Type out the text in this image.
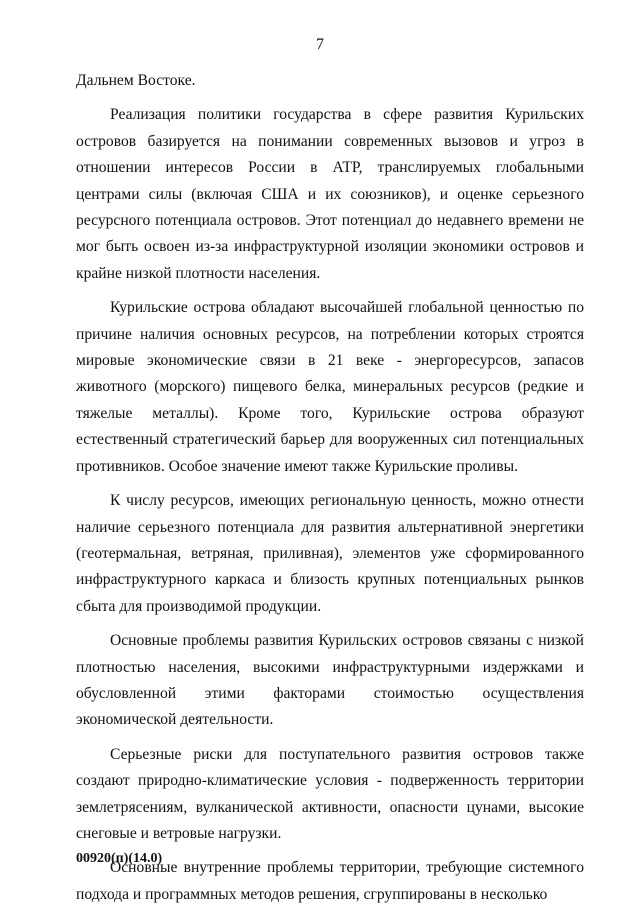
7

Дальнем Востоке.

Реализация политики государства в сфере развития Курильских островов базируется на понимании современных вызовов и угроз в отношении интересов России в АТР, транслируемых глобальными центрами силы (включая США и их союзников), и оценке серьезного ресурсного потенциала островов. Этот потенциал до недавнего времени не мог быть освоен из-за инфраструктурной изоляции экономики островов и крайне низкой плотности населения.

Курильские острова обладают высочайшей глобальной ценностью по причине наличия основных ресурсов, на потреблении которых строятся мировые экономические связи в 21 веке - энергоресурсов, запасов животного (морского) пищевого белка, минеральных ресурсов (редкие и тяжелые металлы). Кроме того, Курильские острова образуют естественный стратегический барьер для вооруженных сил потенциальных противников. Особое значение имеют также Курильские проливы.

К числу ресурсов, имеющих региональную ценность, можно отнести наличие серьезного потенциала для развития альтернативной энергетики (геотермальная, ветряная, приливная), элементов уже сформированного инфраструктурного каркаса и близость крупных потенциальных рынков сбыта для производимой продукции.

Основные проблемы развития Курильских островов связаны с низкой плотностью населения, высокими инфраструктурными издержками и обусловленной этими факторами стоимостью осуществления экономической деятельности.

Серьезные риски для поступательного развития островов также создают природно-климатические условия - подверженность территории землетрясениям, вулканической активности, опасности цунами, высокие снеговые и ветровые нагрузки.

Основные внутренние проблемы территории, требующие системного подхода и программных методов решения, сгруппированы в несколько

00920(п)(14.0)
